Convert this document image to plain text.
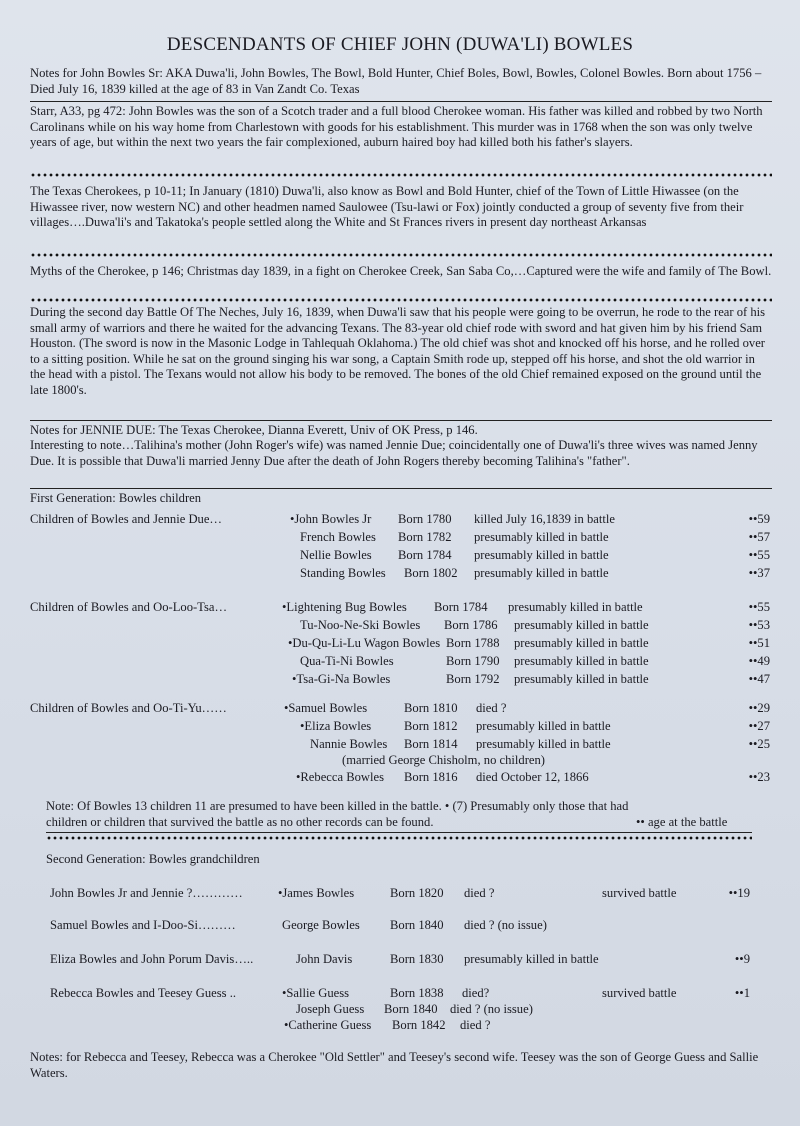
DESCENDANTS OF CHIEF JOHN (DUWA'LI) BOWLES
Notes for John Bowles Sr: AKA Duwa'li, John Bowles, The Bowl, Bold Hunter, Chief Boles, Bowl, Bowles, Colonel Bowles. Born about 1756 – Died July 16, 1839 killed at the age of 83 in Van Zandt Co. Texas
Starr, A33, pg 472: John Bowles was the son of a Scotch trader and a full blood Cherokee woman. His father was killed and robbed by two North Carolinans while on his way home from Charlestown with goods for his establishment. This murder was in 1768 when the son was only twelve years of age, but within the next two years the fair complexioned, auburn haired boy had killed both his father's slayers.
The Texas Cherokees, p 10-11; In January (1810) Duwa'li, also know as Bowl and Bold Hunter, chief of the Town of Little Hiwassee (on the Hiwassee river, now western NC) and other headmen named Saulowee (Tsu-lawi or Fox) jointly conducted a group of seventy five from their villages….Duwa'li's and Takatoka's people settled along the White and St Frances rivers in present day northeast Arkansas
Myths of the Cherokee, p 146; Christmas day 1839, in a fight on Cherokee Creek, San Saba Co,…Captured were the wife and family of The Bowl.
During the second day Battle Of The Neches, July 16, 1839, when Duwa'li saw that his people were going to be overrun, he rode to the rear of his small army of warriors and there he waited for the advancing Texans. The 83-year old chief rode with sword and hat given him by his friend Sam Houston. (The sword is now in the Masonic Lodge in Tahlequah Oklahoma.) The old chief was shot and knocked off his horse, and he rolled over to a sitting position. While he sat on the ground singing his war song, a Captain Smith rode up, stepped off his horse, and shot the old warrior in the head with a pistol. The Texans would not allow his body to be removed. The bones of the old Chief remained exposed on the ground until the late 1800's.
Notes for JENNIE DUE: The Texas Cherokee, Dianna Everett, Univ of OK Press, p 146.
Interesting to note…Talihina's mother (John Roger's wife) was named Jennie Due; coincidentally one of Duwa'li's three wives was named Jenny Due. It is possible that Duwa'li married Jenny Due after the death of John Rogers thereby becoming Talihina's "father".
First Generation: Bowles children
Children of Bowles and Jennie Due…	•John Bowles Jr Born 1780 killed July 16,1839 in battle	••59
French Bowles Born 1782 presumably killed in battle	••57
Nellie Bowles Born 1784 presumably killed in battle	••55
Standing Bowles Born 1802 presumably killed in battle	••37
Children of Bowles and Oo-Loo-Tsa…	•Lightening Bug Bowles Born 1784 presumably killed in battle	••55
Tu-Noo-Ne-Ski Bowles Born 1786 presumably killed in battle	••53
•Du-Qu-Li-Lu Wagon Bowles Born 1788 presumably killed in battle	••51
Qua-Ti-Ni Bowles	Born 1790 presumably killed in battle	••49
•Tsa-Gi-Na Bowles	Born 1792 presumably killed in battle	••47
Children of Bowles and Oo-Ti-Yu……	•Samuel Bowles	Born 1810 died ?	••29
•Eliza Bowles	Born 1812 presumably killed in battle	••27
Nannie Bowles Born 1814 presumably killed in battle	••25
(married George Chisholm, no children)
•Rebecca Bowles Born 1816 died October 12, 1866	••23
Note: Of Bowles 13 children 11 are presumed to have been killed in the battle. • (7) Presumably only those that had
children or children that survived the battle as no other records can be found.	•• age at the battle
Second Generation: Bowles grandchildren
John Bowles Jr and Jennie ?…………	•James Bowles	Born 1820 died ?	survived battle	••19
Samuel Bowles and I-Doo-Si………	George Bowles Born 1840 died ? (no issue)
Eliza Bowles and John Porum Davis…..	John Davis	Born 1830 presumably killed in battle	••9
Rebecca Bowles and Teesey Guess ..	•Sallie Guess	Born 1838 died?	survived battle	••1
Joseph Guess Born 1840 died ? (no issue)
•Catherine Guess Born 1842 died ?
Notes: for Rebecca and Teesey, Rebecca was a Cherokee "Old Settler" and Teesey's second wife. Teesey was the son of George Guess and Sallie Waters.
